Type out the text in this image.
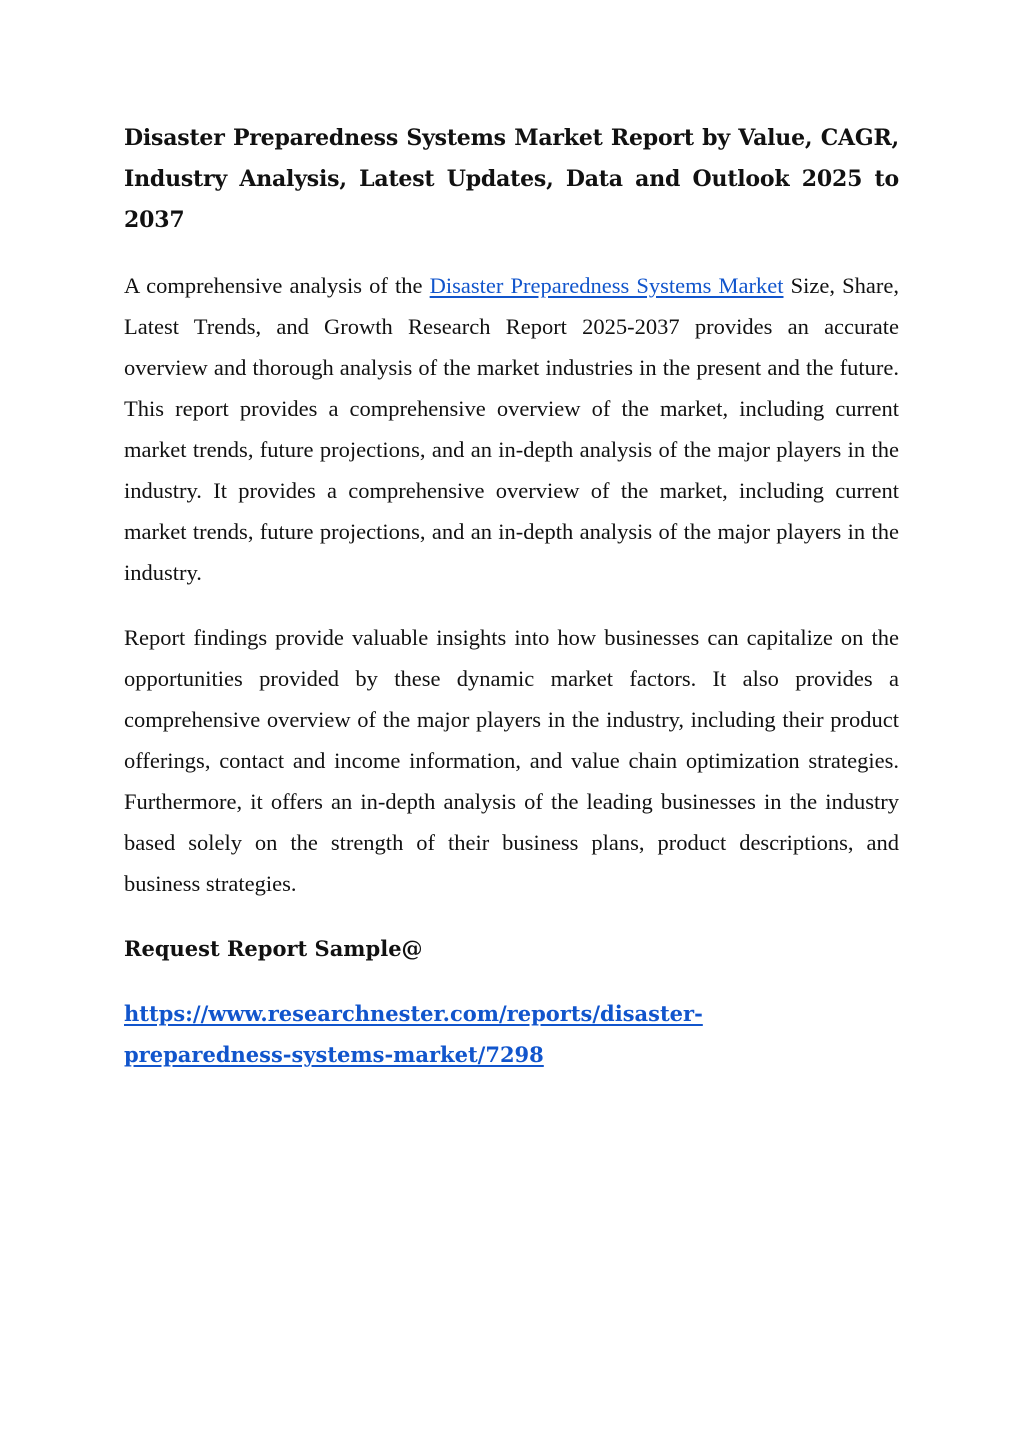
Disaster Preparedness Systems Market Report by Value, CAGR, Industry Analysis, Latest Updates, Data and Outlook 2025 to 2037

A comprehensive analysis of the Disaster Preparedness Systems Market Size, Share, Latest Trends, and Growth Research Report 2025-2037 provides an accurate overview and thorough analysis of the market industries in the present and the future. This report provides a comprehensive overview of the market, including current market trends, future projections, and an in-depth analysis of the major players in the industry. It provides a comprehensive overview of the market, including current market trends, future projections, and an in-depth analysis of the major players in the industry.

Report findings provide valuable insights into how businesses can capitalize on the opportunities provided by these dynamic market factors. It also provides a comprehensive overview of the major players in the industry, including their product offerings, contact and income information, and value chain optimization strategies. Furthermore, it offers an in-depth analysis of the leading businesses in the industry based solely on the strength of their business plans, product descriptions, and business strategies.

Request Report Sample@

https://www.researchnester.com/reports/disaster-
preparedness-systems-market/7298
